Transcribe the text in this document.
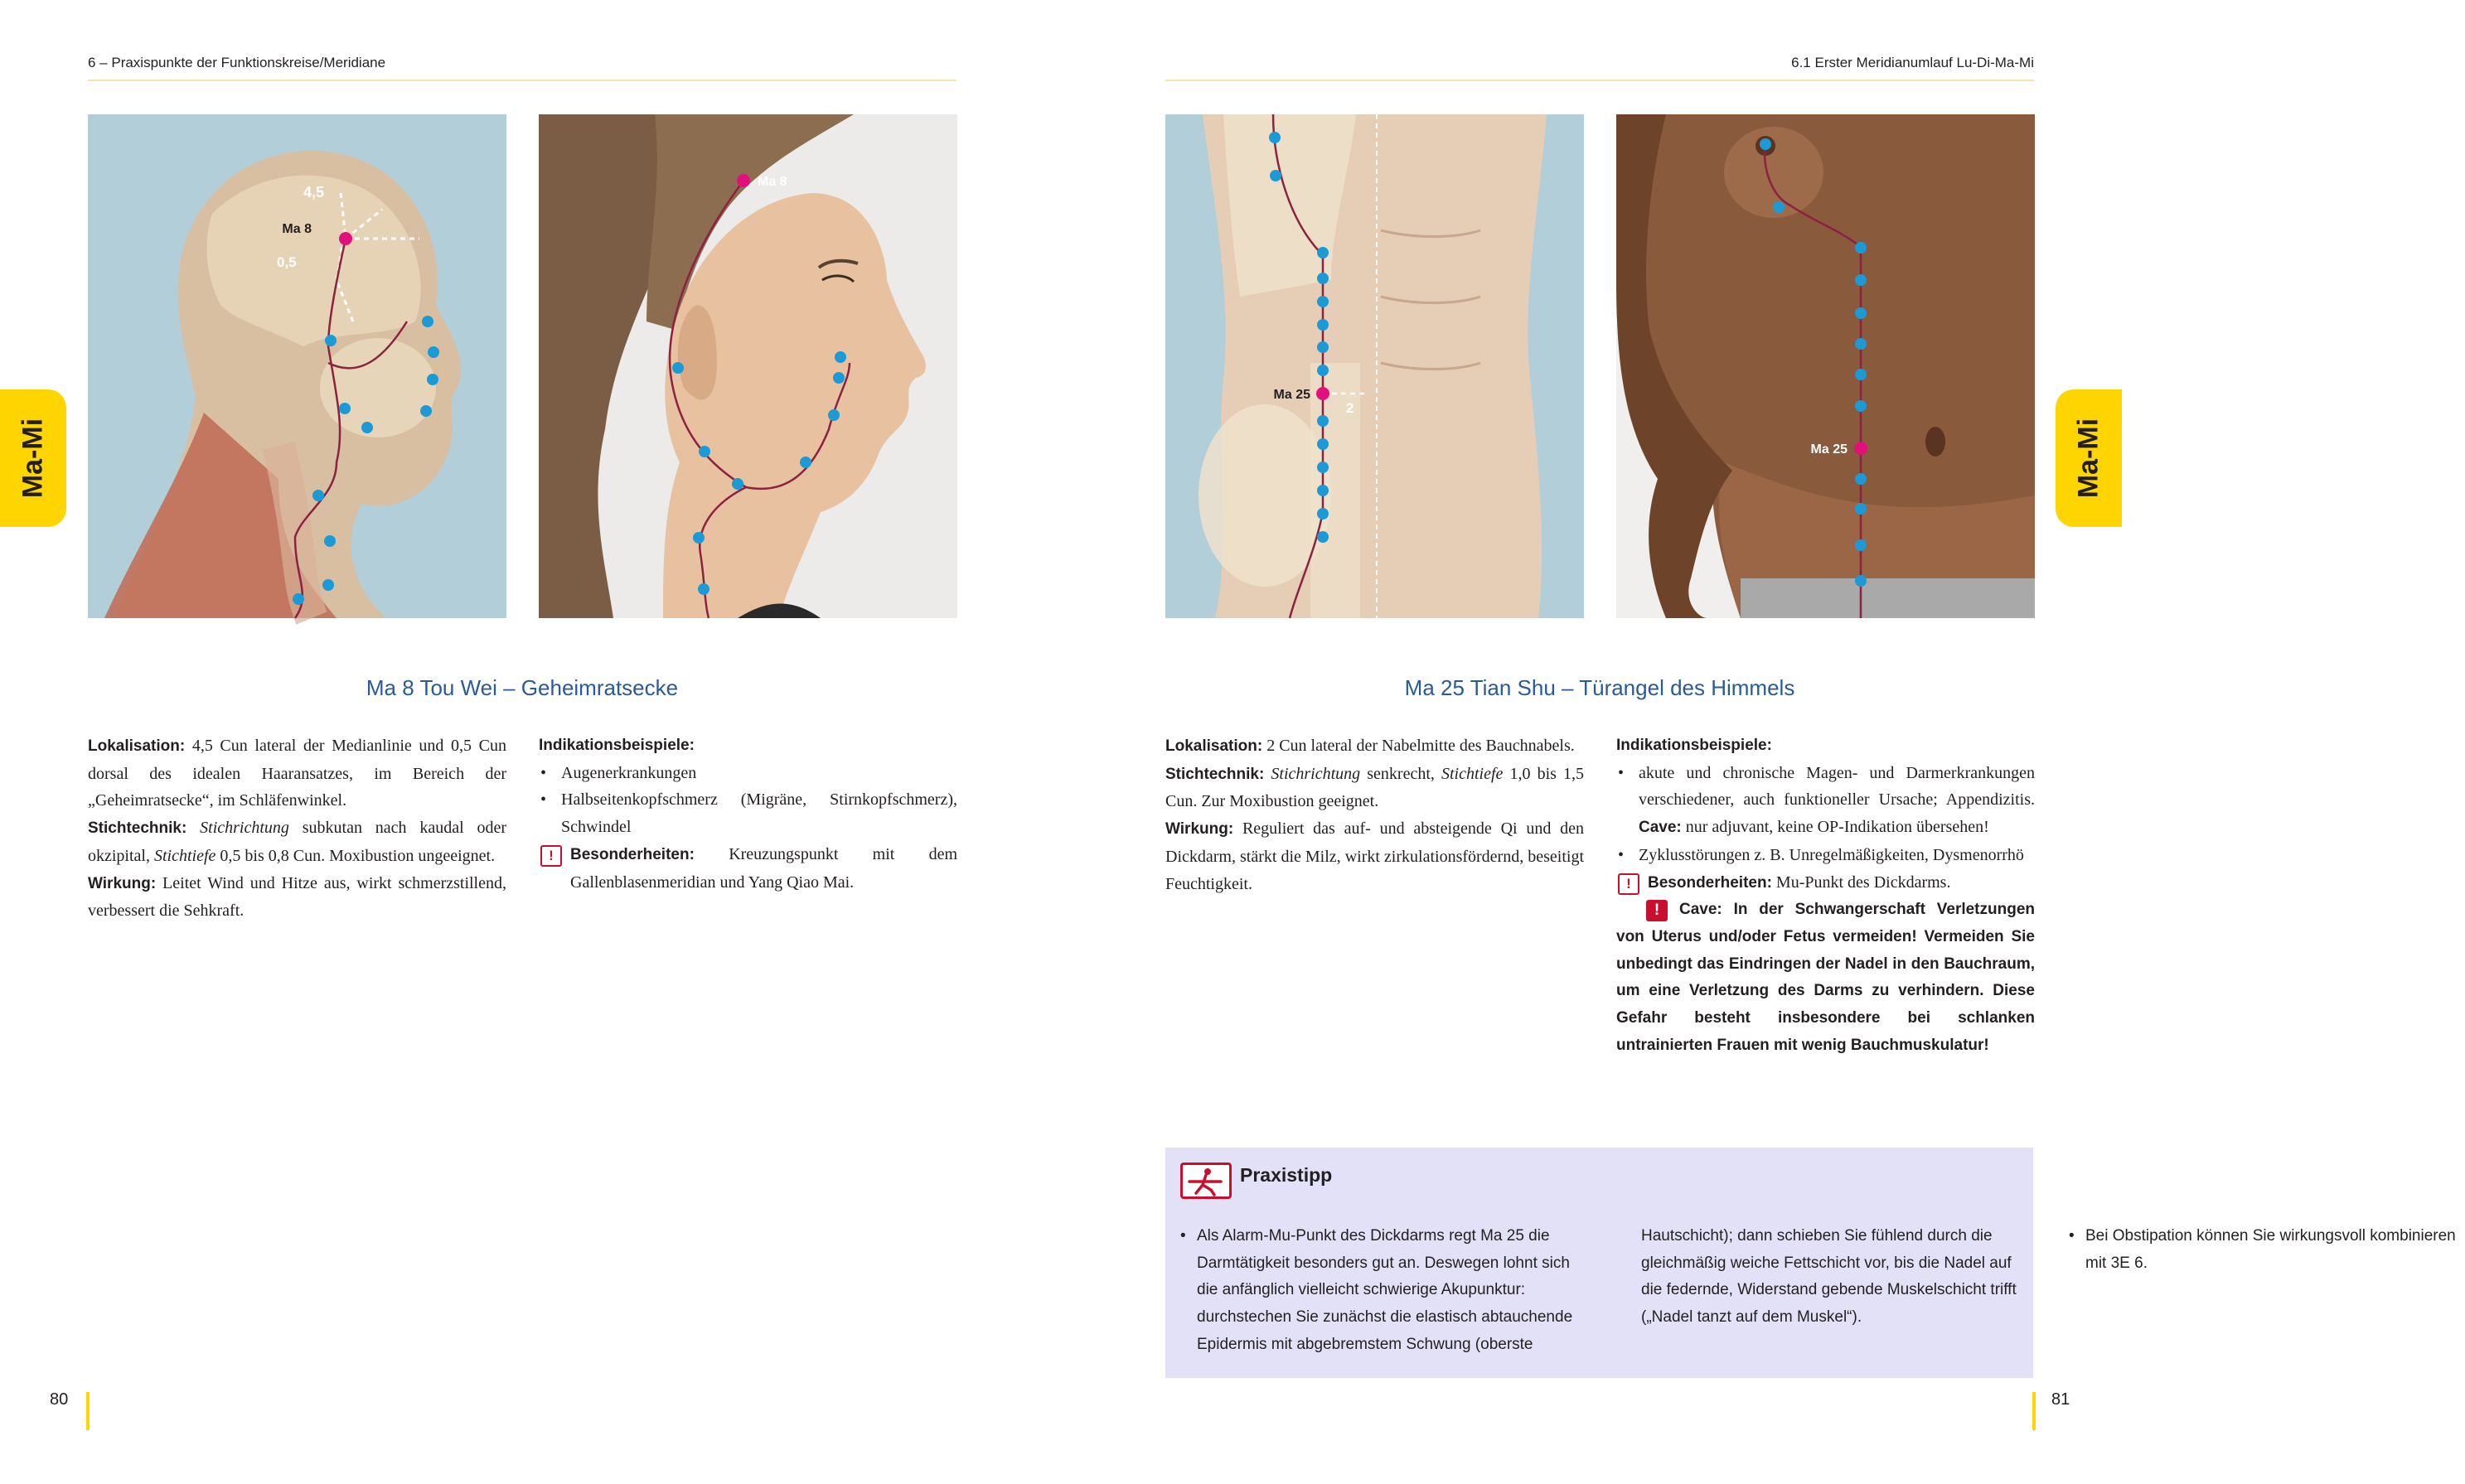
6 – Praxispunkte der Funktionskreise/Meridiane	6.1 Erster Meridianumlauf Lu-Di-Ma-Mi
Ma-Mi	Ma-Mi
4,5
Ma 8
0,5
Ma 8
Ma 25
2
Ma 25
Ma 8 Tou Wei – Geheimratsecke	Ma 25 Tian Shu – Türangel des Himmels

Lokalisation: 4,5 Cun lateral der Medianlinie und 0,5 Cun dorsal des idealen Haaransatzes, im Bereich der „Geheimratsecke“, im Schläfenwinkel.

Stichtechnik: Stichrichtung subkutan nach kaudal oder okzipital, Stichtiefe 0,5 bis 0,8 Cun. Moxibustion ungeeignet.

Wirkung: Leitet Wind und Hitze aus, wirkt schmerzstillend, verbessert die Sehkraft.

Indikationsbeispiele:

• Augenerkrankungen

• Halbseitenkopfschmerz (Migräne, Stirnkopfschmerz), Schwindel

!	Besonderheiten: Kreuzungspunkt mit dem Gallenblasenmeridian und Yang Qiao Mai.

Lokalisation: 2 Cun lateral der Nabelmitte des Bauchnabels.

Stichtechnik: Stichrichtung senkrecht, Stichtiefe 1,0 bis 1,5 Cun. Zur Moxibustion geeignet.

Wirkung: Reguliert das auf- und absteigende Qi und den Dickdarm, stärkt die Milz, wirkt zirkulationsfördernd, beseitigt Feuchtigkeit.

Indikationsbeispiele:

• akute und chronische Magen- und Darmerkrankungen verschiedener, auch funktioneller Ursache; Appendizitis. Cave: nur adjuvant, keine OP-Indikation übersehen!

• Zyklusstörungen z. B. Unregelmäßigkeiten, Dysmenorrhö

!	Besonderheiten: Mu-Punkt des Dickdarms.

!	Cave: In der Schwangerschaft Verletzungen von Uterus und/oder Fetus vermeiden! Vermeiden Sie unbedingt das Eindringen der Nadel in den Bauchraum, um eine Verletzung des Darms zu verhindern. Diese Gefahr besteht insbesondere bei schlanken untrainierten Frauen mit wenig Bauchmuskulatur!

Praxistipp

• Als Alarm-Mu-Punkt des Dickdarms regt Ma 25 die Darmtätigkeit besonders gut an. Deswegen lohnt sich die anfänglich vielleicht schwierige Akupunktur: durchstechen Sie zunächst die elastisch abtauchende Epidermis mit abgebremstem Schwung (oberste Hautschicht); dann schieben Sie fühlend durch die gleichmäßig weiche Fettschicht vor, bis die Nadel auf die federnde, Widerstand gebende Muskelschicht trifft („Nadel tanzt auf dem Muskel“).

• Bei Obstipation können Sie wirkungsvoll kombinieren mit 3E 6.

80	81
